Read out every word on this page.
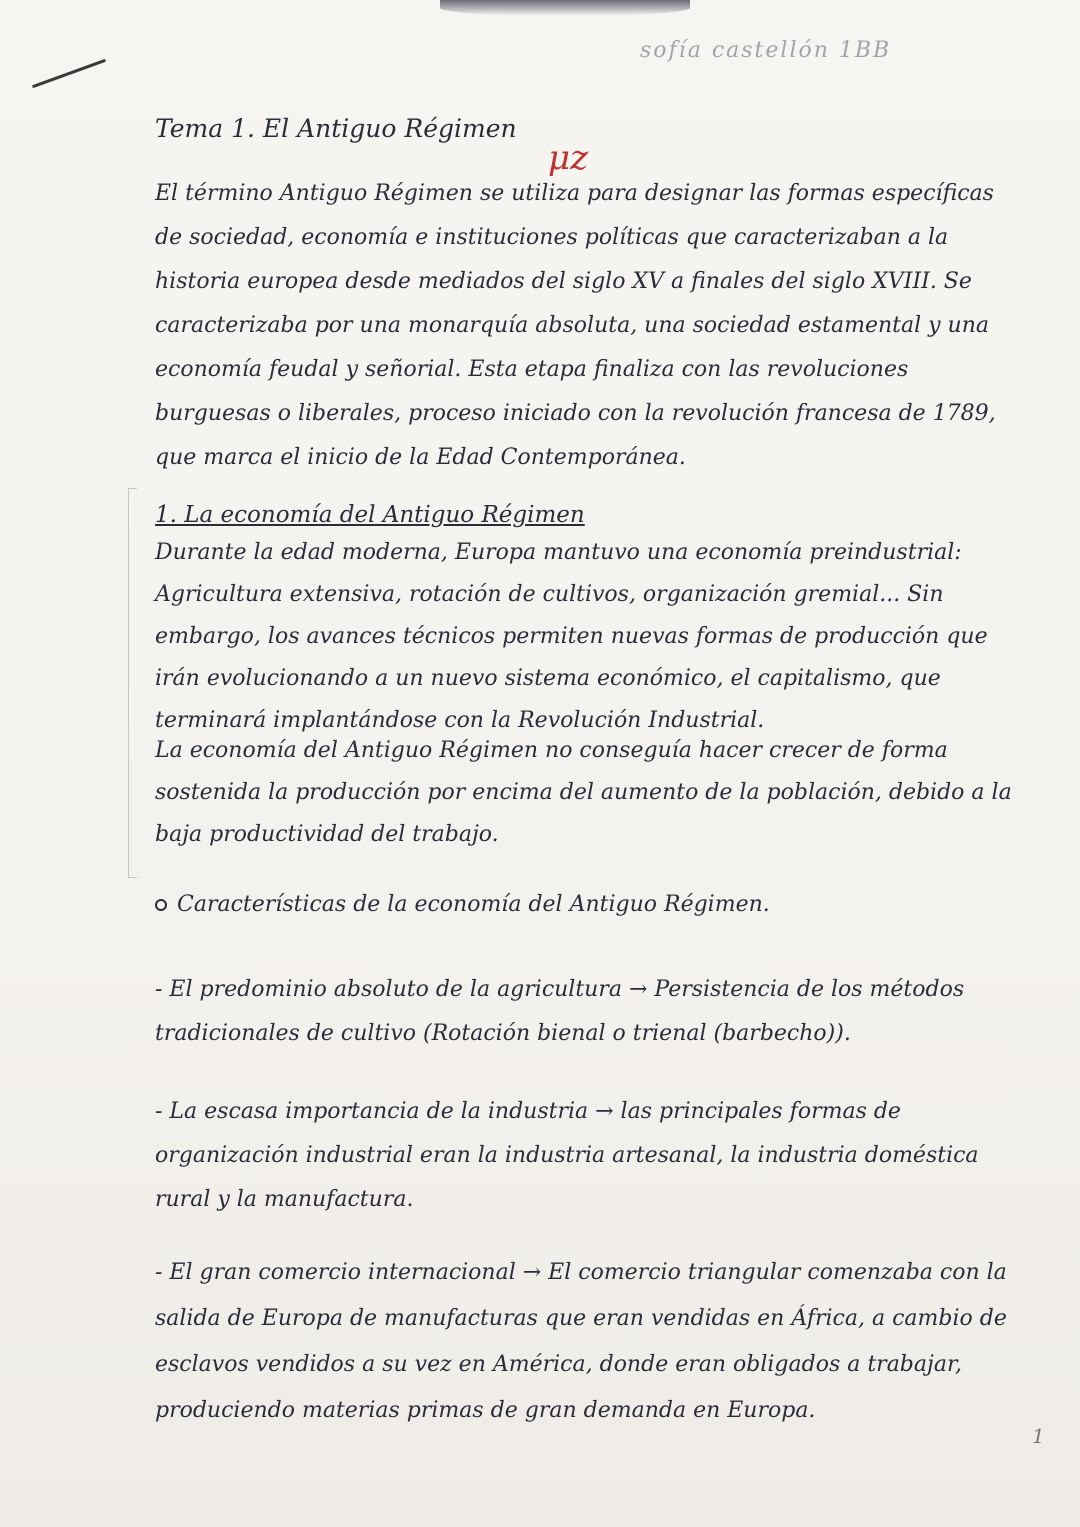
sofía castellón 1BB
μz
Tema 1. El Antiguo Régimen
El término Antiguo Régimen se utiliza para designar las formas específicas de sociedad, economía e instituciones políticas que caracterizaban a la historia europea desde mediados del siglo XV a finales del siglo XVIII. Se caracterizaba por una monarquía absoluta, una sociedad estamental y una economía feudal y señorial. Esta etapa finaliza con las revoluciones burguesas o liberales, proceso iniciado con la revolución francesa de 1789, que marca el inicio de la Edad Contemporánea.
1. La economía del Antiguo Régimen
Durante la edad moderna, Europa mantuvo una economía preindustrial: Agricultura extensiva, rotación de cultivos, organización gremial... Sin embargo, los avances técnicos permiten nuevas formas de producción que irán evolucionando a un nuevo sistema económico, el capitalismo, que terminará implantándose con la Revolución Industrial.
La economía del Antiguo Régimen no conseguía hacer crecer de forma sostenida la producción por encima del aumento de la población, debido a la baja productividad del trabajo.
Características de la economía del Antiguo Régimen.
- El predominio absoluto de la agricultura → Persistencia de los métodos tradicionales de cultivo (Rotación bienal o trienal (barbecho)).
- La escasa importancia de la industria → las principales formas de organización industrial eran la industria artesanal, la industria doméstica rural y la manufactura.
- El gran comercio internacional → El comercio triangular comenzaba con la salida de Europa de manufacturas que eran vendidas en África, a cambio de esclavos vendidos a su vez en América, donde eran obligados a trabajar, produciendo materias primas de gran demanda en Europa.
1
